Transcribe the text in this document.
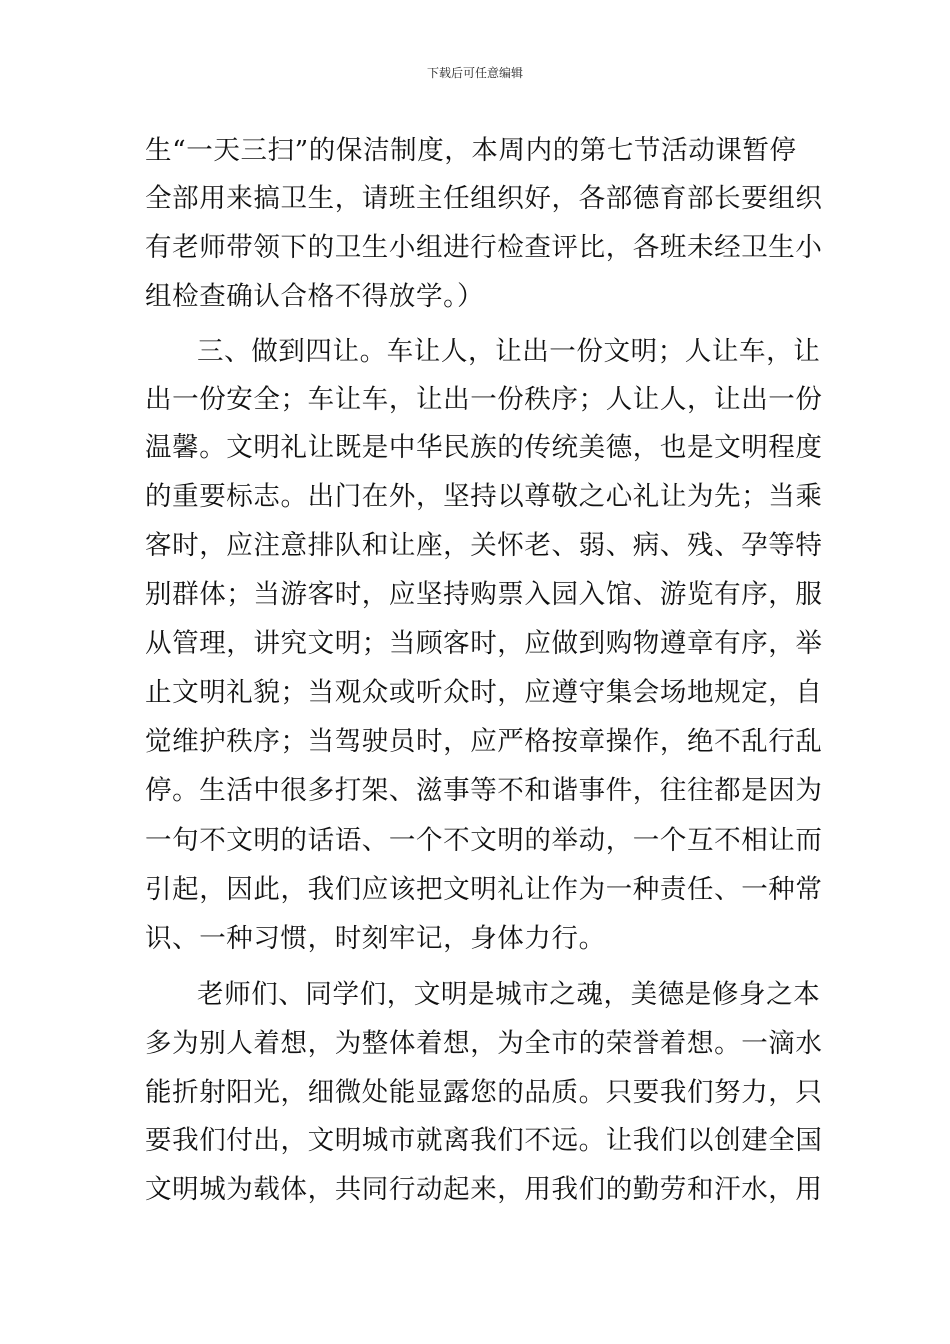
下载后可任意编辑
生“一天三扫”的保洁制度，本周内的第七节活动课暂停
全部用来搞卫生，请班主任组织好，各部德育部长要组织
有老师带领下的卫生小组进行检查评比，各班未经卫生小
组检查确认合格不得放学。）
三、做到四让。车让人，让出一份文明；人让车，让
出一份安全；车让车，让出一份秩序；人让人，让出一份
温馨。文明礼让既是中华民族的传统美德，也是文明程度
的重要标志。出门在外，坚持以尊敬之心礼让为先；当乘
客时，应注意排队和让座，关怀老、弱、病、残、孕等特
别群体；当游客时，应坚持购票入园入馆、游览有序，服
从管理，讲究文明；当顾客时，应做到购物遵章有序，举
止文明礼貌；当观众或听众时，应遵守集会场地规定，自
觉维护秩序；当驾驶员时，应严格按章操作，绝不乱行乱
停。生活中很多打架、滋事等不和谐事件，往往都是因为
一句不文明的话语、一个不文明的举动，一个互不相让而
引起，因此，我们应该把文明礼让作为一种责任、一种常
识、一种习惯，时刻牢记，身体力行。
老师们、同学们，文明是城市之魂，美德是修身之本
多为别人着想，为整体着想，为全市的荣誉着想。一滴水
能折射阳光，细微处能显露您的品质。只要我们努力，只
要我们付出，文明城市就离我们不远。让我们以创建全国
文明城为载体，共同行动起来，用我们的勤劳和汗水，用
